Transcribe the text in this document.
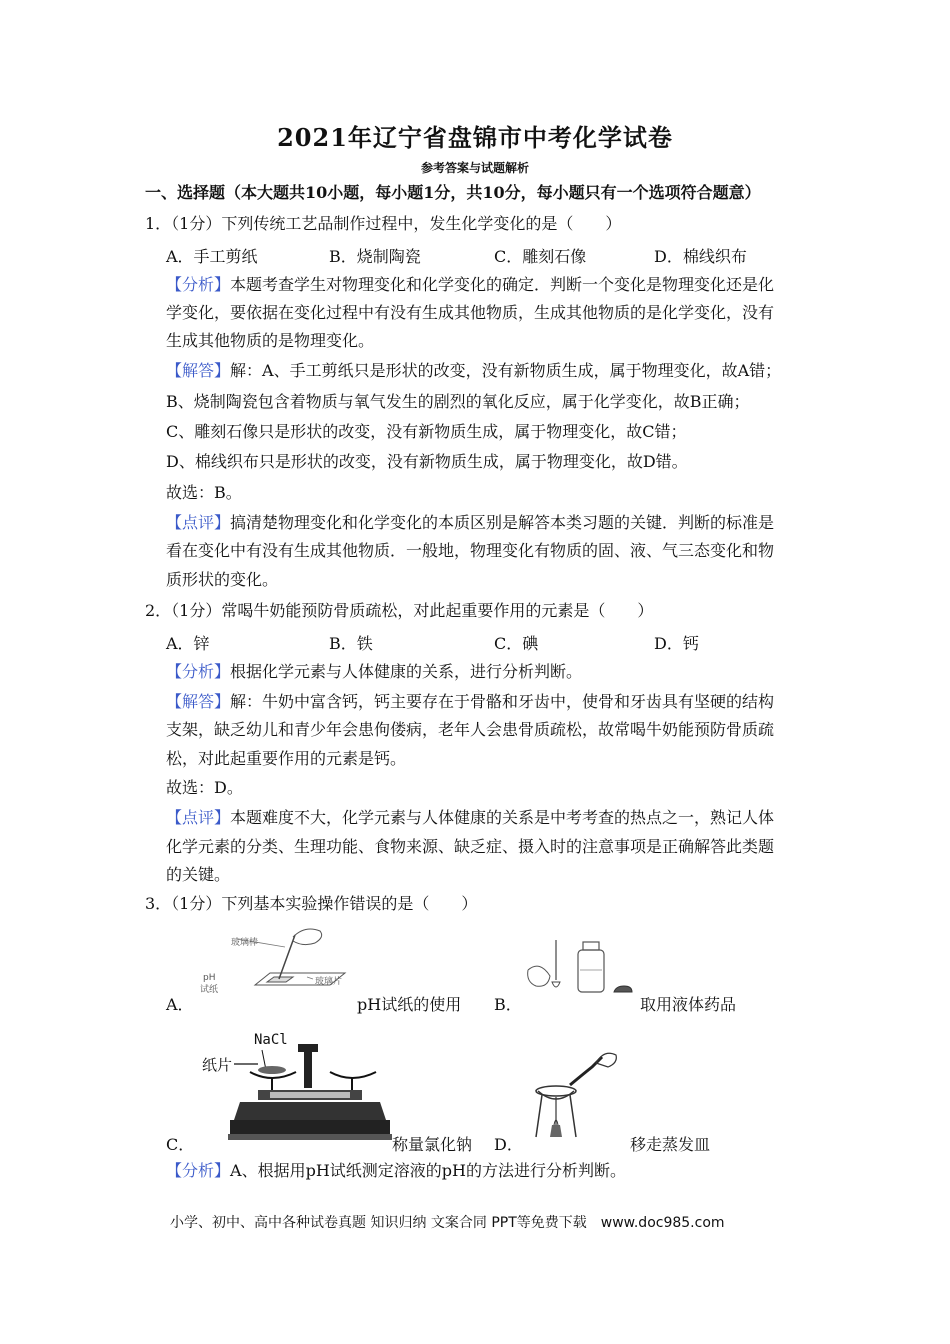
2021年辽宁省盘锦市中考化学试卷
参考答案与试题解析
一、选择题（本大题共10小题，每小题1分，共10分，每小题只有一个选项符合题意）
1．（1分）下列传统工艺品制作过程中，发生化学变化的是（　　）
A．手工剪纸	B．烧制陶瓷	C．雕刻石像	D．棉线织布
【分析】本题考查学生对物理变化和化学变化的确定．判断一个变化是物理变化还是化
学变化，要依据在变化过程中有没有生成其他物质，生成其他物质的是化学变化，没有
生成其他物质的是物理变化。
【解答】解：A、手工剪纸只是形状的改变，没有新物质生成，属于物理变化，故A错；
B、烧制陶瓷包含着物质与氧气发生的剧烈的氧化反应，属于化学变化，故B正确；
C、雕刻石像只是形状的改变，没有新物质生成，属于物理变化，故C错；
D、棉线织布只是形状的改变，没有新物质生成，属于物理变化，故D错。
故选：B。
【点评】搞清楚物理变化和化学变化的本质区别是解答本类习题的关键．判断的标准是
看在变化中有没有生成其他物质．一般地，物理变化有物质的固、液、气三态变化和物
质形状的变化。
2．（1分）常喝牛奶能预防骨质疏松，对此起重要作用的元素是（　　）
A．锌	B．铁	C．碘	D．钙
【分析】根据化学元素与人体健康的关系，进行分析判断。
【解答】解：牛奶中富含钙，钙主要存在于骨骼和牙齿中，使骨和牙齿具有坚硬的结构
支架，缺乏幼儿和青少年会患佝偻病，老年人会患骨质疏松，故常喝牛奶能预防骨质疏
松，对此起重要作用的元素是钙。
故选：D。
【点评】本题难度不大，化学元素与人体健康的关系是中考考查的热点之一，熟记人体
化学元素的分类、生理功能、食物来源、缺乏症、摄入时的注意事项是正确解答此类题
的关键。
3．（1分）下列基本实验操作错误的是（　　）
A．
玻璃棒
pH
试纸
玻璃片
pH试纸的使用 B．	取用液体药品
C．
NaCl
纸片
称量氯化钠 D．	移走蒸发皿
【分析】A、根据用pH试纸测定溶液的pH的方法进行分析判断。
小学、初中、高中各种试卷真题 知识归纳 文案合同 PPT等免费下载　www.doc985.com
